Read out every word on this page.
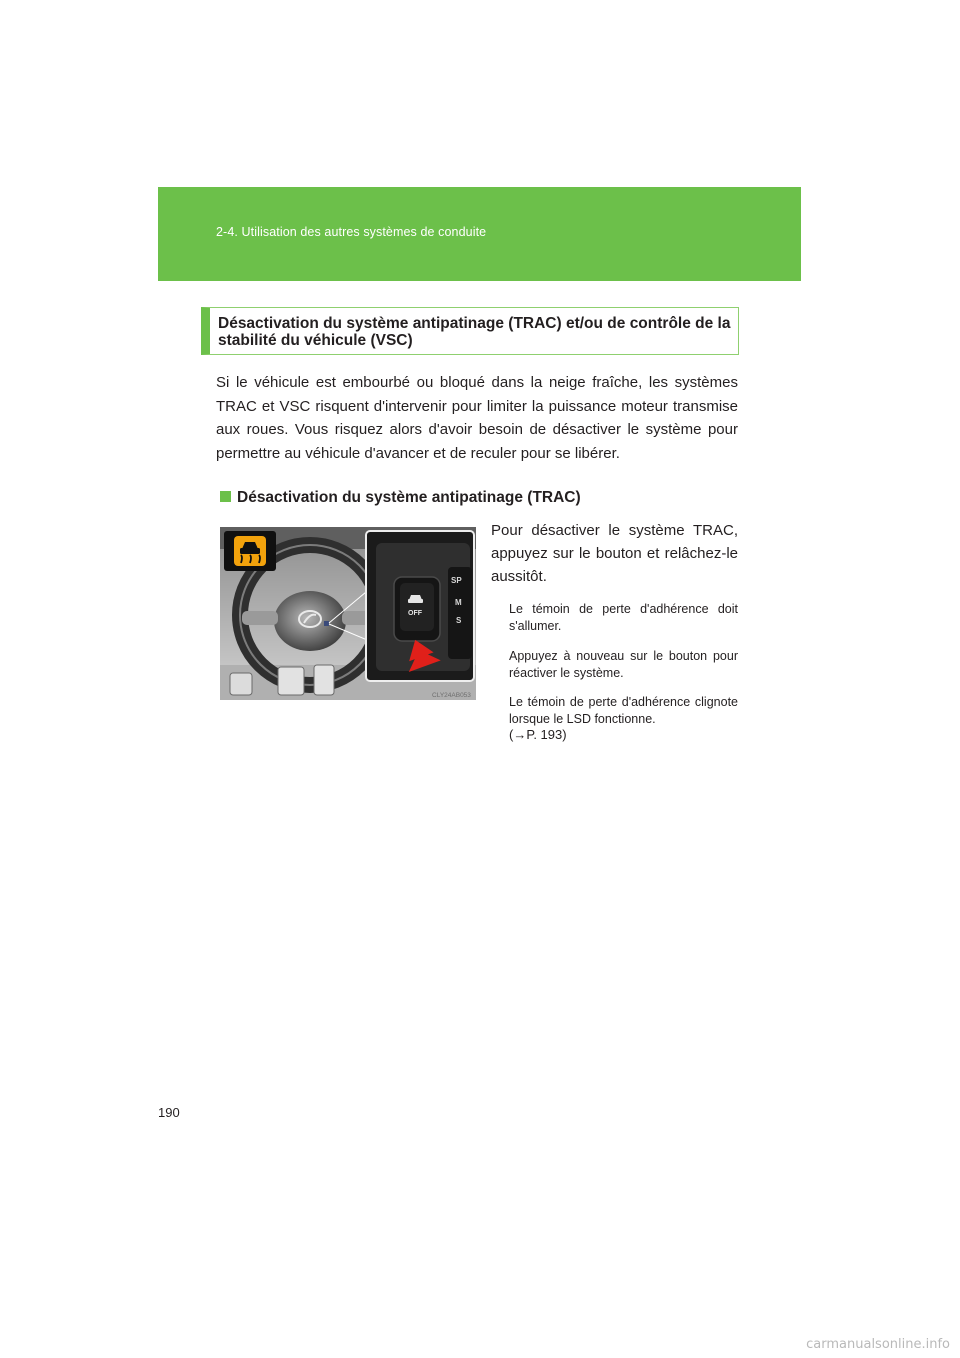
2-4. Utilisation des autres systèmes de conduite
Désactivation du système antipatinage (TRAC) et/ou de contrôle de la stabilité du véhicule (VSC)
Si le véhicule est embourbé ou bloqué dans la neige fraîche, les systèmes TRAC et VSC risquent d'intervenir pour limiter la puissance moteur transmise aux roues. Vous risquez alors d'avoir besoin de désactiver le système pour permettre au véhicule d'avancer et de reculer pour se libérer.
Désactivation du système antipatinage (TRAC)
SP
M
S
OFF
CLY24AB053
Pour désactiver le système TRAC, appuyez sur le bouton et relâchez-le aussitôt.
Le témoin de perte d'adhérence doit s'allumer.
Appuyez à nouveau sur le bouton pour réactiver le système.
Le témoin de perte d'adhérence clignote lorsque le LSD fonctionne.
(→P. 193)
190
carmanualsonline.info
